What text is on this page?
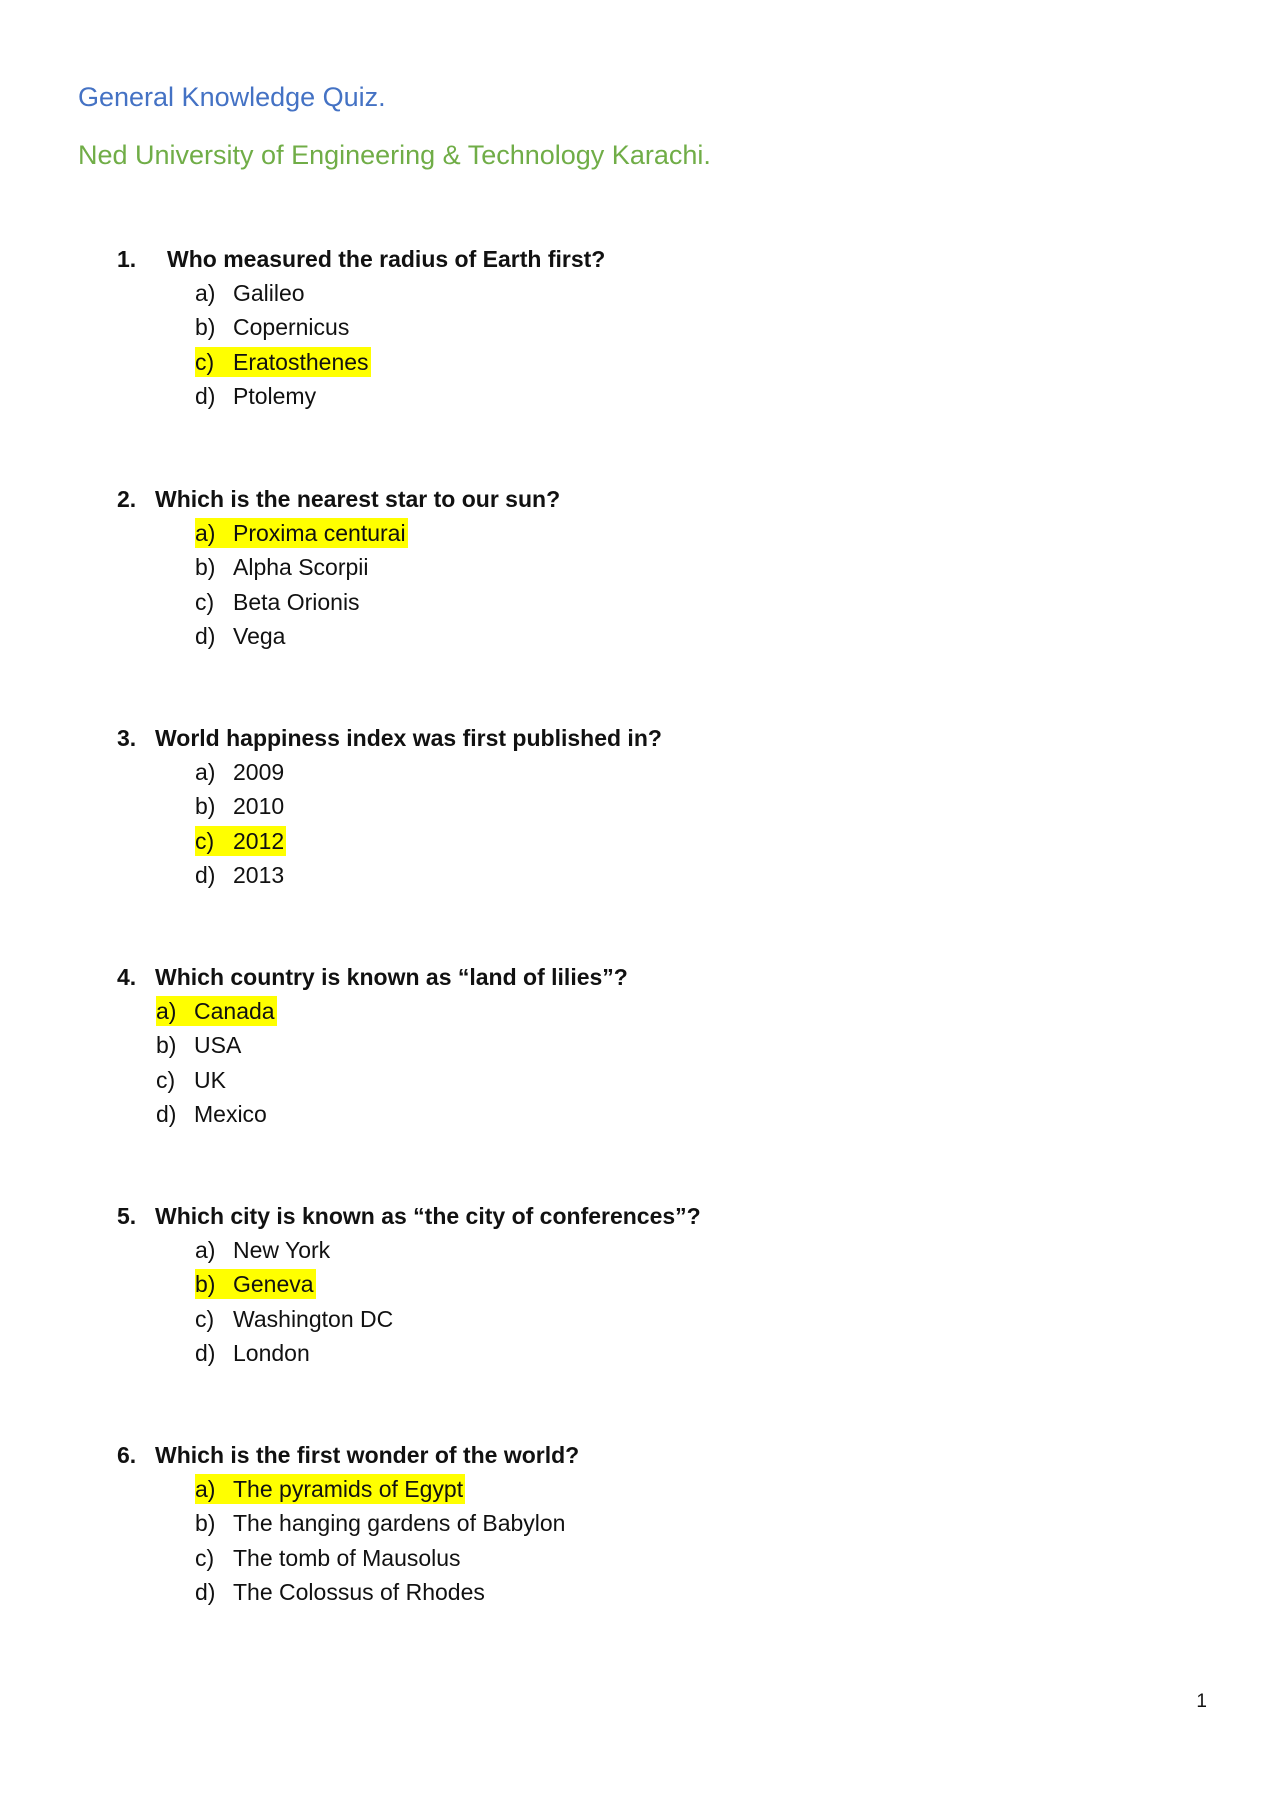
General Knowledge Quiz.
Ned University of Engineering & Technology Karachi.
1. Who measured the radius of Earth first?
a) Galileo
b) Copernicus
c) Eratosthenes
d) Ptolemy
2. Which is the nearest star to our sun?
a) Proxima centurai
b) Alpha Scorpii
c) Beta Orionis
d) Vega
3. World happiness index was first published in?
a) 2009
b) 2010
c) 2012
d) 2013
4. Which country is known as “land of lilies”?
a) Canada
b) USA
c) UK
d) Mexico
5. Which city is known as “the city of conferences”?
a) New York
b) Geneva
c) Washington DC
d) London
6. Which is the first wonder of the world?
a) The pyramids of Egypt
b) The hanging gardens of Babylon
c) The tomb of Mausolus
d) The Colossus of Rhodes
1
